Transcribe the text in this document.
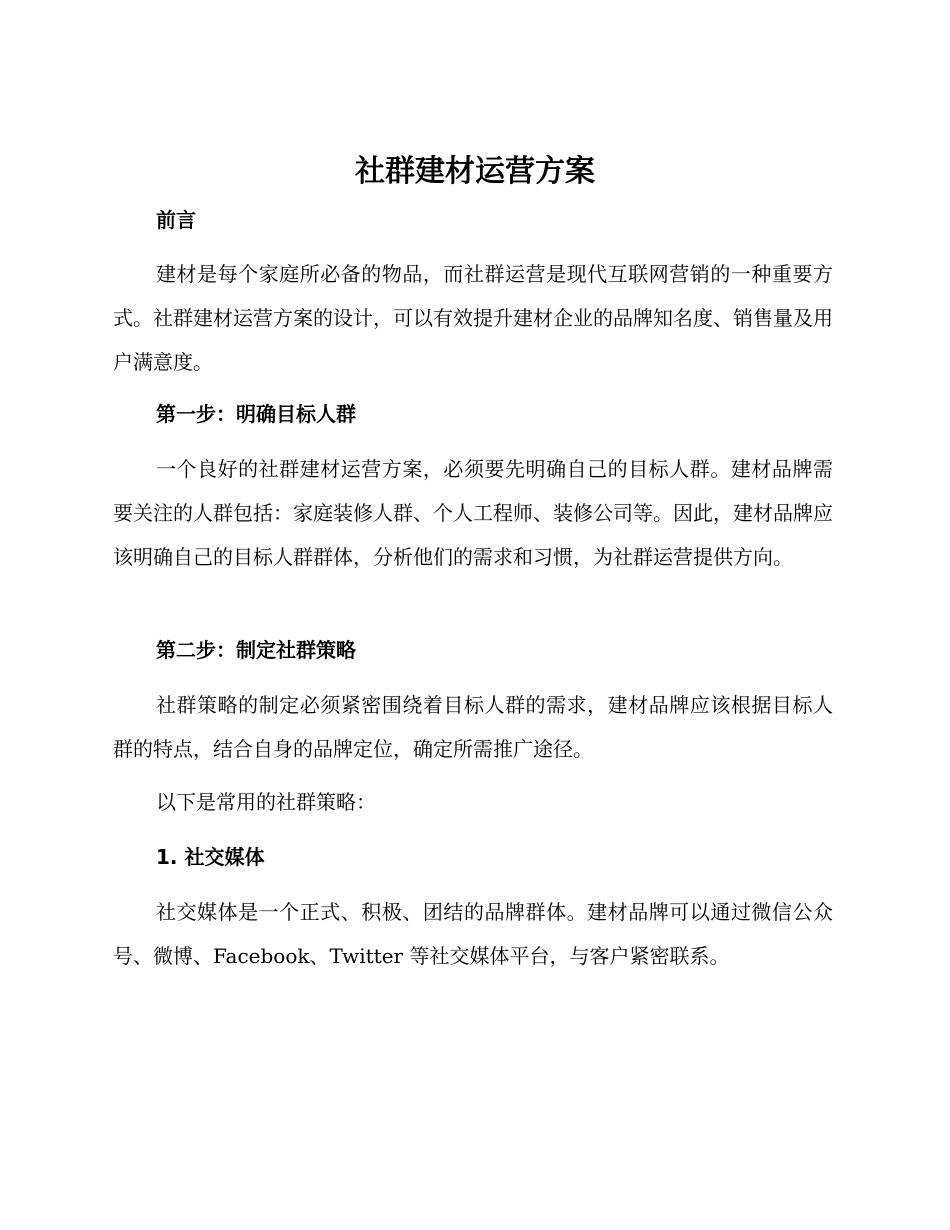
社群建材运营方案
前言

建材是每个家庭所必备的物品，而社群运营是现代互联网营销的一种重要方式。社群建材运营方案的设计，可以有效提升建材企业的品牌知名度、销售量及用户满意度。

第一步：明确目标人群

一个良好的社群建材运营方案，必须要先明确自己的目标人群。建材品牌需要关注的人群包括：家庭装修人群、个人工程师、装修公司等。因此，建材品牌应该明确自己的目标人群群体，分析他们的需求和习惯，为社群运营提供方向。

第二步：制定社群策略

社群策略的制定必须紧密围绕着目标人群的需求，建材品牌应该根据目标人群的特点，结合自身的品牌定位，确定所需推广途径。

以下是常用的社群策略：

1. 社交媒体

社交媒体是一个正式、积极、团结的品牌群体。建材品牌可以通过微信公众号、微博、Facebook、Twitter 等社交媒体平台，与客户紧密联系。
